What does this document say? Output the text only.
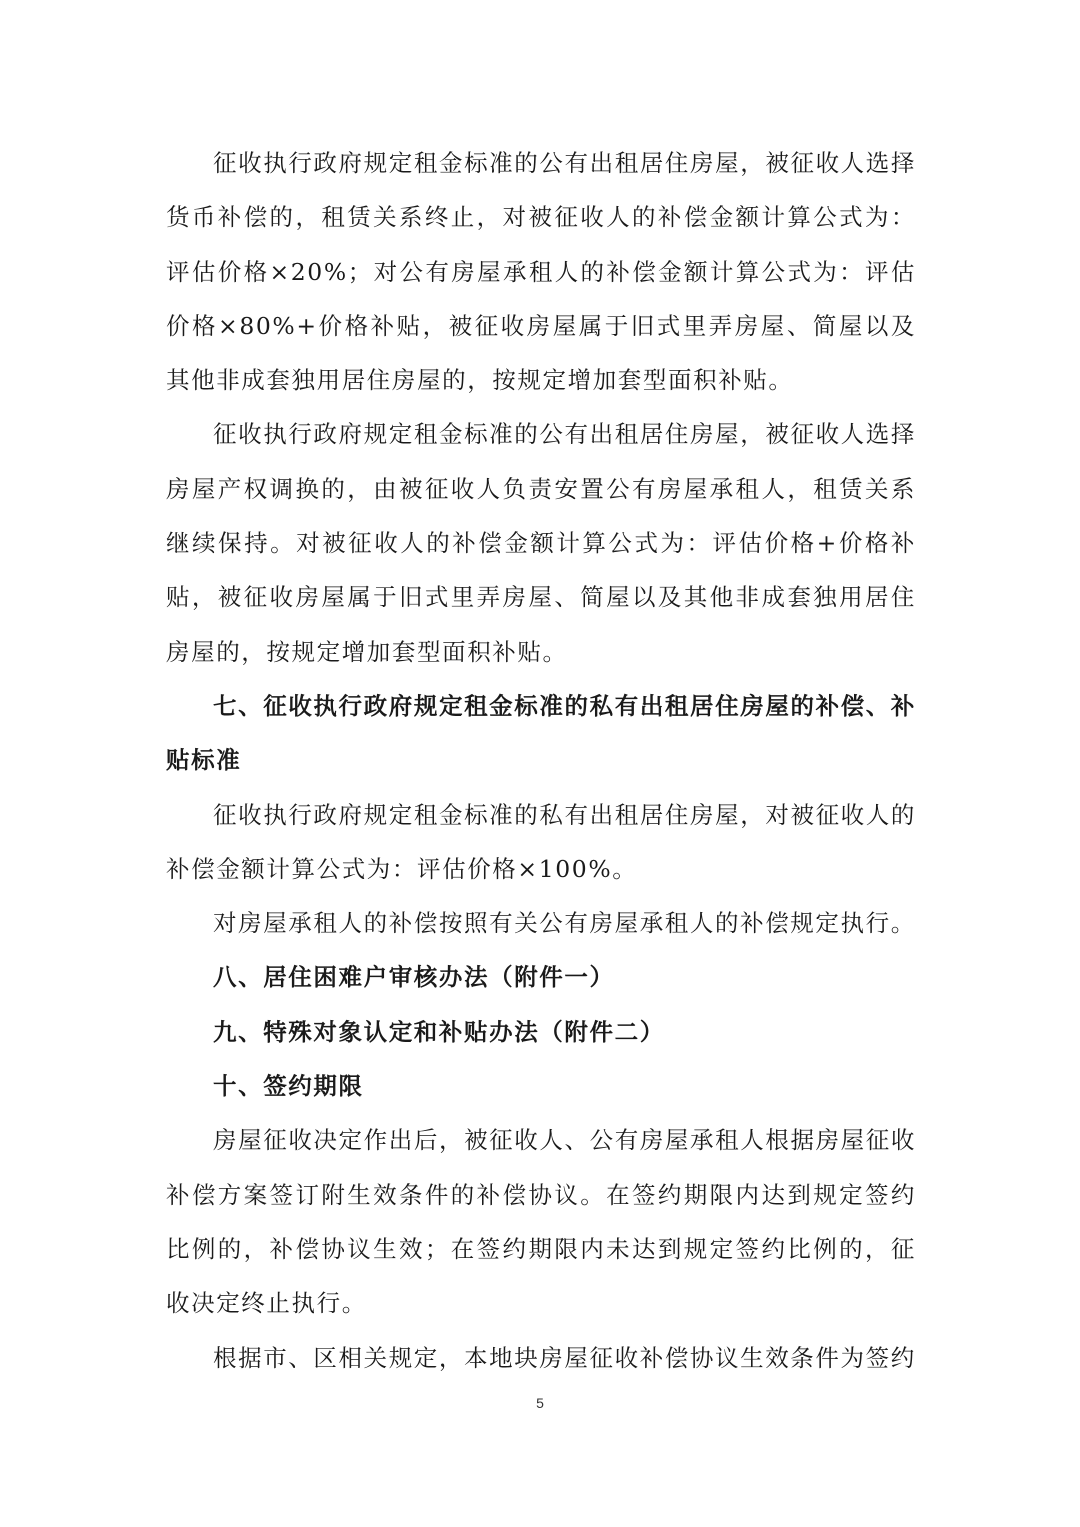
征收执行政府规定租金标准的公有出租居住房屋，被征收人选择货币补偿的，租赁关系终止，对被征收人的补偿金额计算公式为：评估价格×20%；对公有房屋承租人的补偿金额计算公式为：评估价格×80%+价格补贴，被征收房屋属于旧式里弄房屋、简屋以及其他非成套独用居住房屋的，按规定增加套型面积补贴。

征收执行政府规定租金标准的公有出租居住房屋，被征收人选择房屋产权调换的，由被征收人负责安置公有房屋承租人，租赁关系继续保持。对被征收人的补偿金额计算公式为：评估价格+价格补贴，被征收房屋属于旧式里弄房屋、简屋以及其他非成套独用居住房屋的，按规定增加套型面积补贴。

七、征收执行政府规定租金标准的私有出租居住房屋的补偿、补贴标准

征收执行政府规定租金标准的私有出租居住房屋，对被征收人的补偿金额计算公式为：评估价格×100%。

对房屋承租人的补偿按照有关公有房屋承租人的补偿规定执行。

八、居住困难户审核办法（附件一）

九、特殊对象认定和补贴办法（附件二）

十、签约期限

房屋征收决定作出后，被征收人、公有房屋承租人根据房屋征收补偿方案签订附生效条件的补偿协议。在签约期限内达到规定签约比例的，补偿协议生效；在签约期限内未达到规定签约比例的，征收决定终止执行。

根据市、区相关规定，本地块房屋征收补偿协议生效条件为签约

5
